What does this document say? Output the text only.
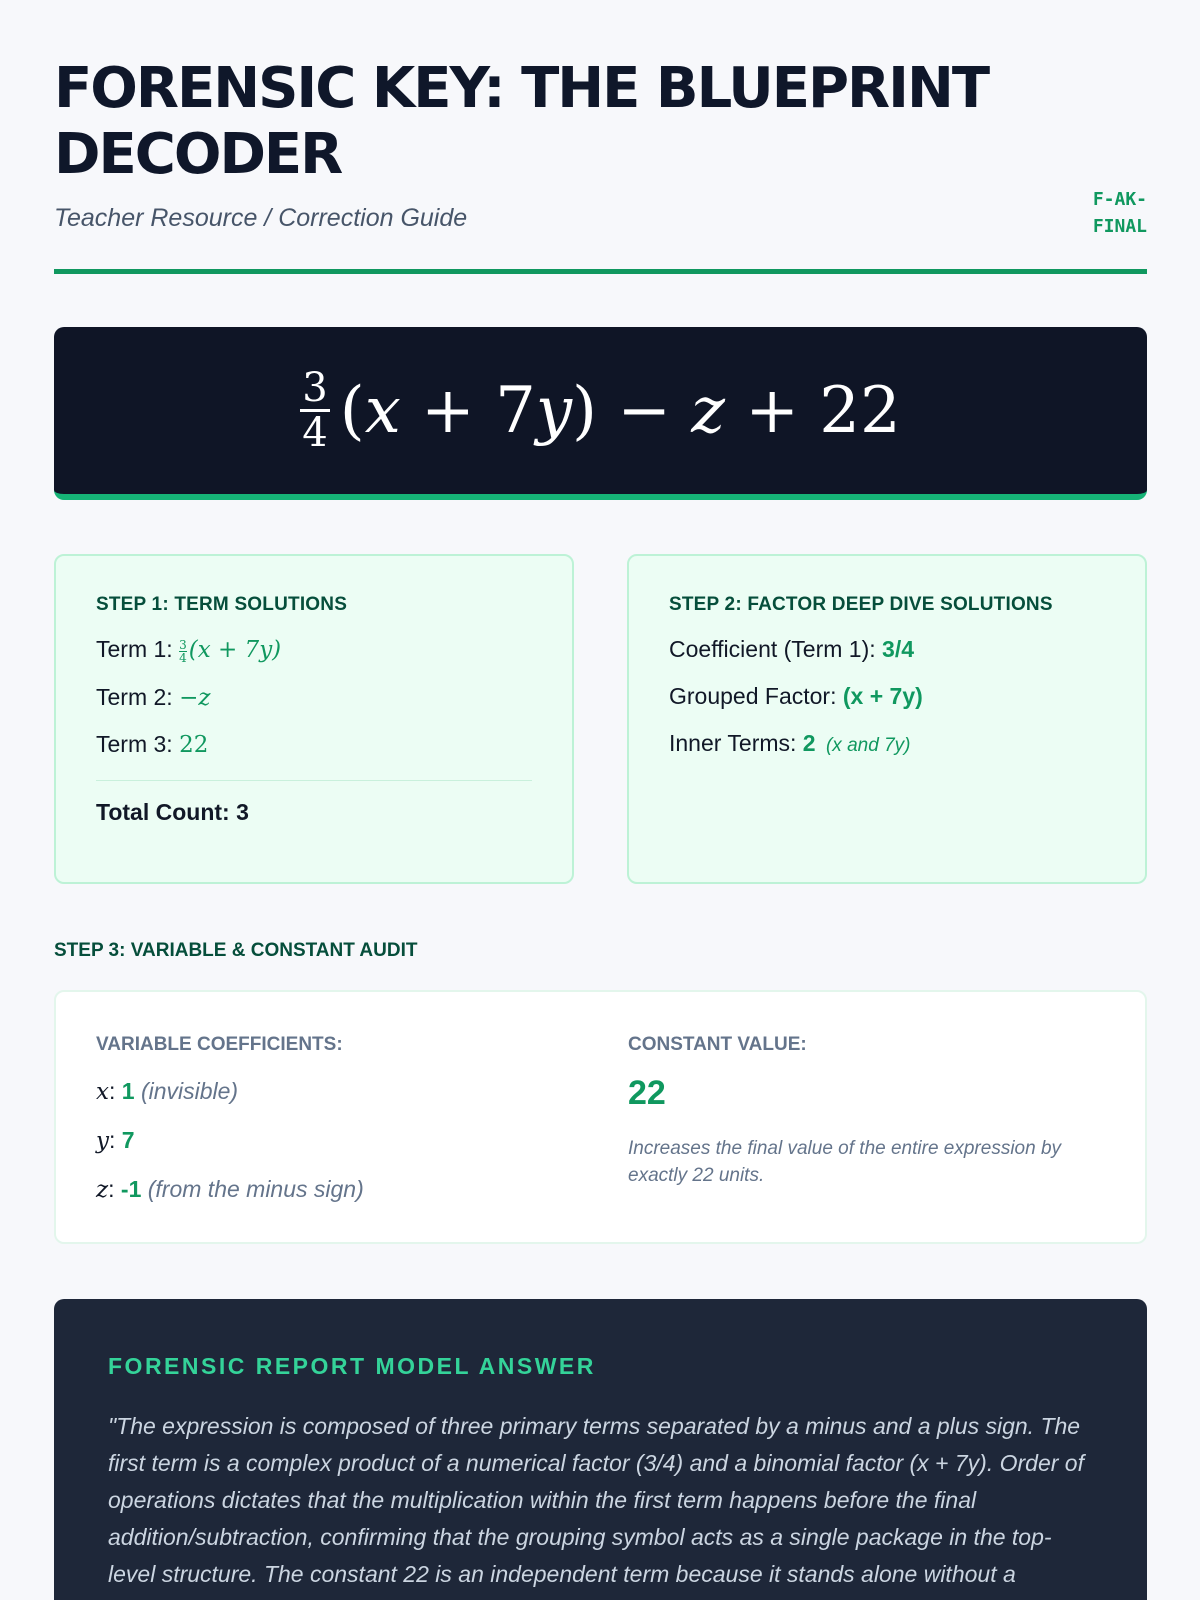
FORENSIC KEY: THE BLUEPRINT DECODER
Teacher Resource / Correction Guide
F-AK-FINAL
$\frac{3}{4}$ ( x + 7 y ) − z + 22
STEP 1: TERM SOLUTIONS
Term 1: $\frac{3}{4} (x + 7y)$
Term 2: −z
Term 3: 22
Total Count: 3
STEP 2: FACTOR DEEP DIVE SOLUTIONS
Coefficient (Term 1): 3/4
Grouped Factor: (x + 7y)
Inner Terms: 2 (x and 7y)
STEP 3: VARIABLE & CONSTANT AUDIT
VARIABLE COEFFICIENTS:
x: 1 (invisible)
y: 7
z: -1 (from the minus sign)
CONSTANT VALUE:
22
Increases the final value of the entire expression by exactly 22 units.
FORENSIC REPORT MODEL ANSWER

"The expression is composed of three primary terms separated by a minus and a plus sign. The first term is a complex product of a numerical factor (3/4) and a binomial factor (x + 7y). Order of operations dictates that the multiplication within the first term happens before the final addition/subtraction, confirming that the grouping symbol acts as a single package in the top-level structure. The constant 22 is an independent term because it stands alone without a
